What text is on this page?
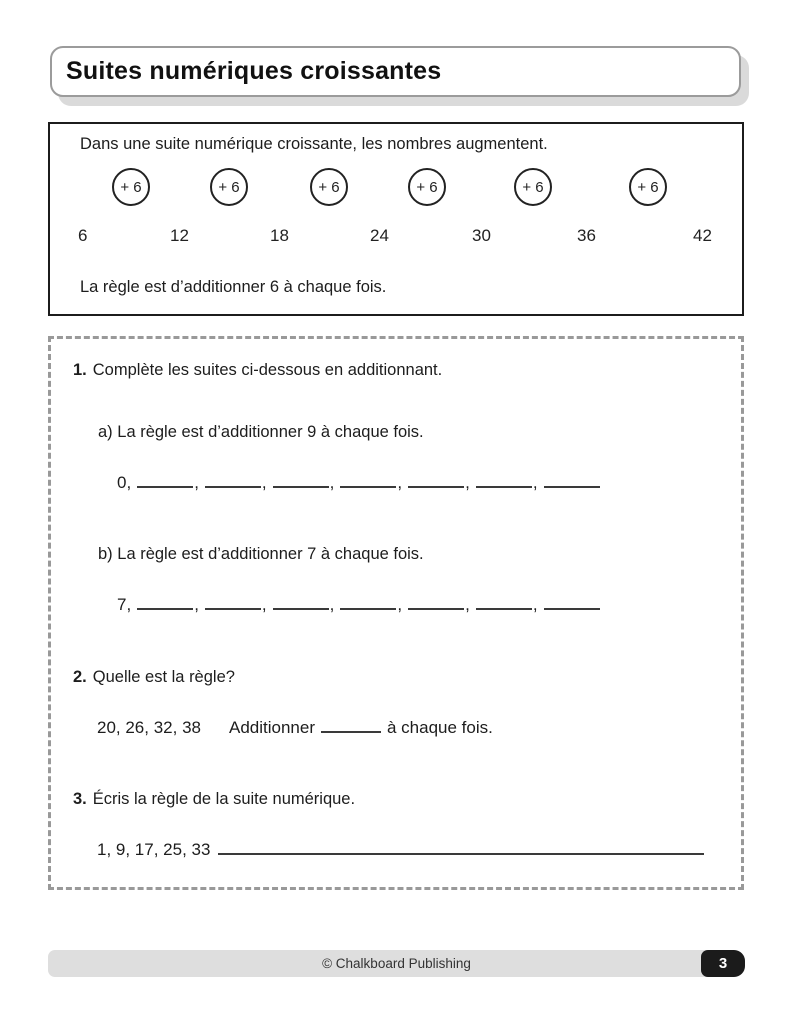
Suites numériques croissantes
Dans une suite numérique croissante, les nombres augmentent.
+ 6	+ 6	+ 6	+ 6	+ 6	+ 6
6	12	18	24	30	36	42
La règle est d’additionner 6 à chaque fois.
1. Complète les suites ci-dessous en additionnant.
a) La règle est d’additionner 9 à chaque fois.
0,	,	,	,	,	,	,
b) La règle est d’additionner 7 à chaque fois.
7,	,	,	,	,	,	,
2. Quelle est la règle?
20, 26, 32, 38 Additionner	à chaque fois.
3. Écris la règle de la suite numérique.
1, 9, 17, 25, 33
© Chalkboard Publishing	3
